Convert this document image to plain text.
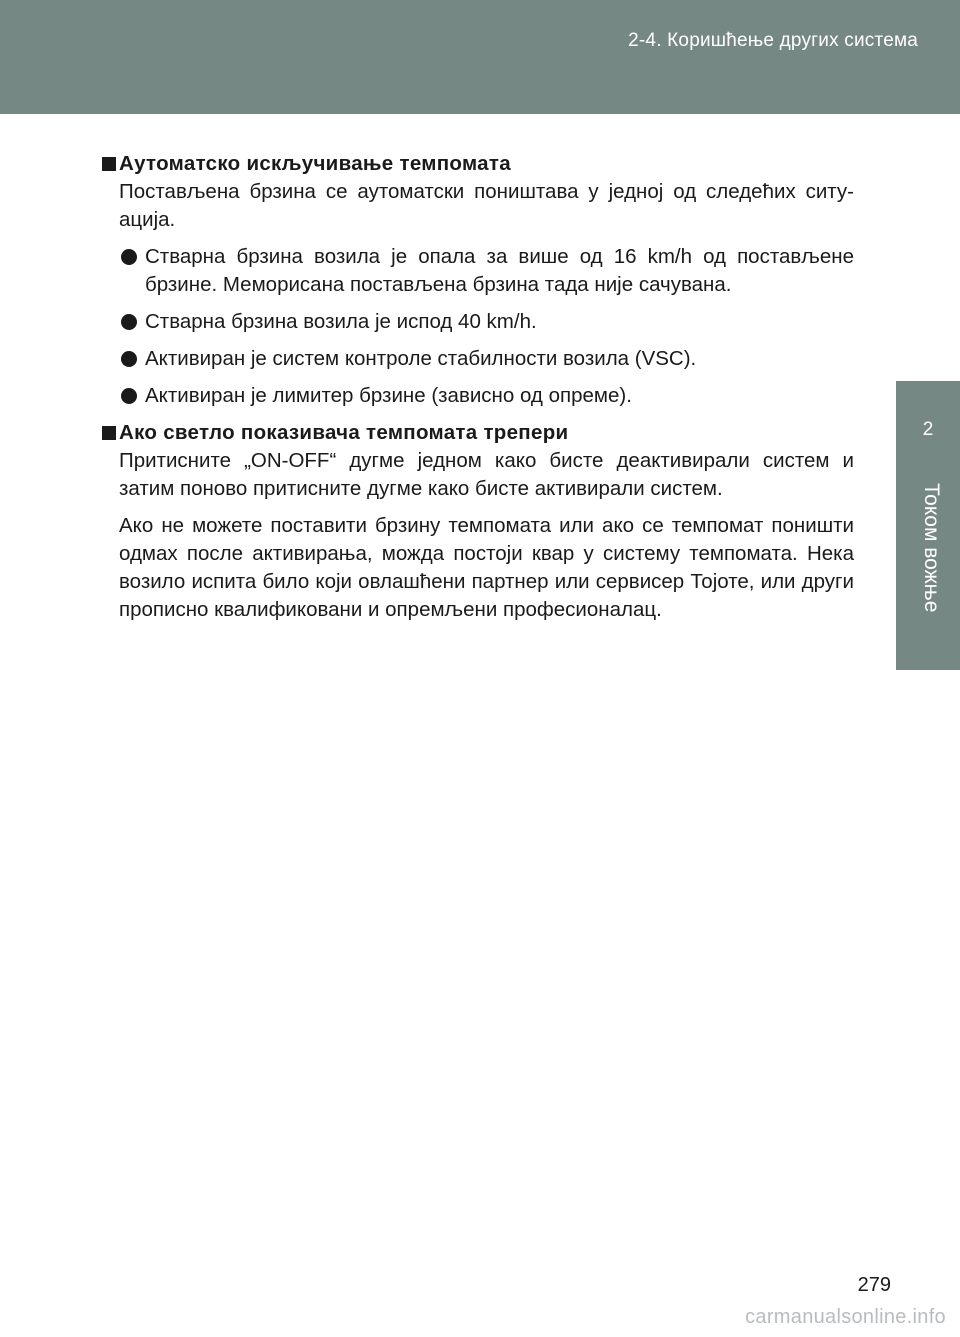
2-4. Коришћење других система
2
Током вожње
Аутоматско искључивање темпомата
Постављена брзина се аутоматски поништава у једној од следећих ситу-ација.
Стварна брзина возила је опала за више од 16 km/h од постављене брзине. Меморисана постављена брзина тада није сачувана.
Стварна брзина возила је испод 40 km/h.
Активиран је систем контроле стабилности возила (VSC).
Активиран је лимитер брзине (зависно од опреме).
Ако светло показивача темпомата трепери
Притисните „ON-OFF“ дугме једном како бисте деактивирали систем и затим поново притисните дугме како бисте активирали систем.
Ако не можете поставити брзину темпомата или ако се темпомат поништи одмах после активирања, можда постоји квар у систему темпомата. Нека возило испита било који овлашћени партнер или сервисер Тојоте, или други прописно квалификовани и опремљени професионалац.
279
carmanualsonline.info
